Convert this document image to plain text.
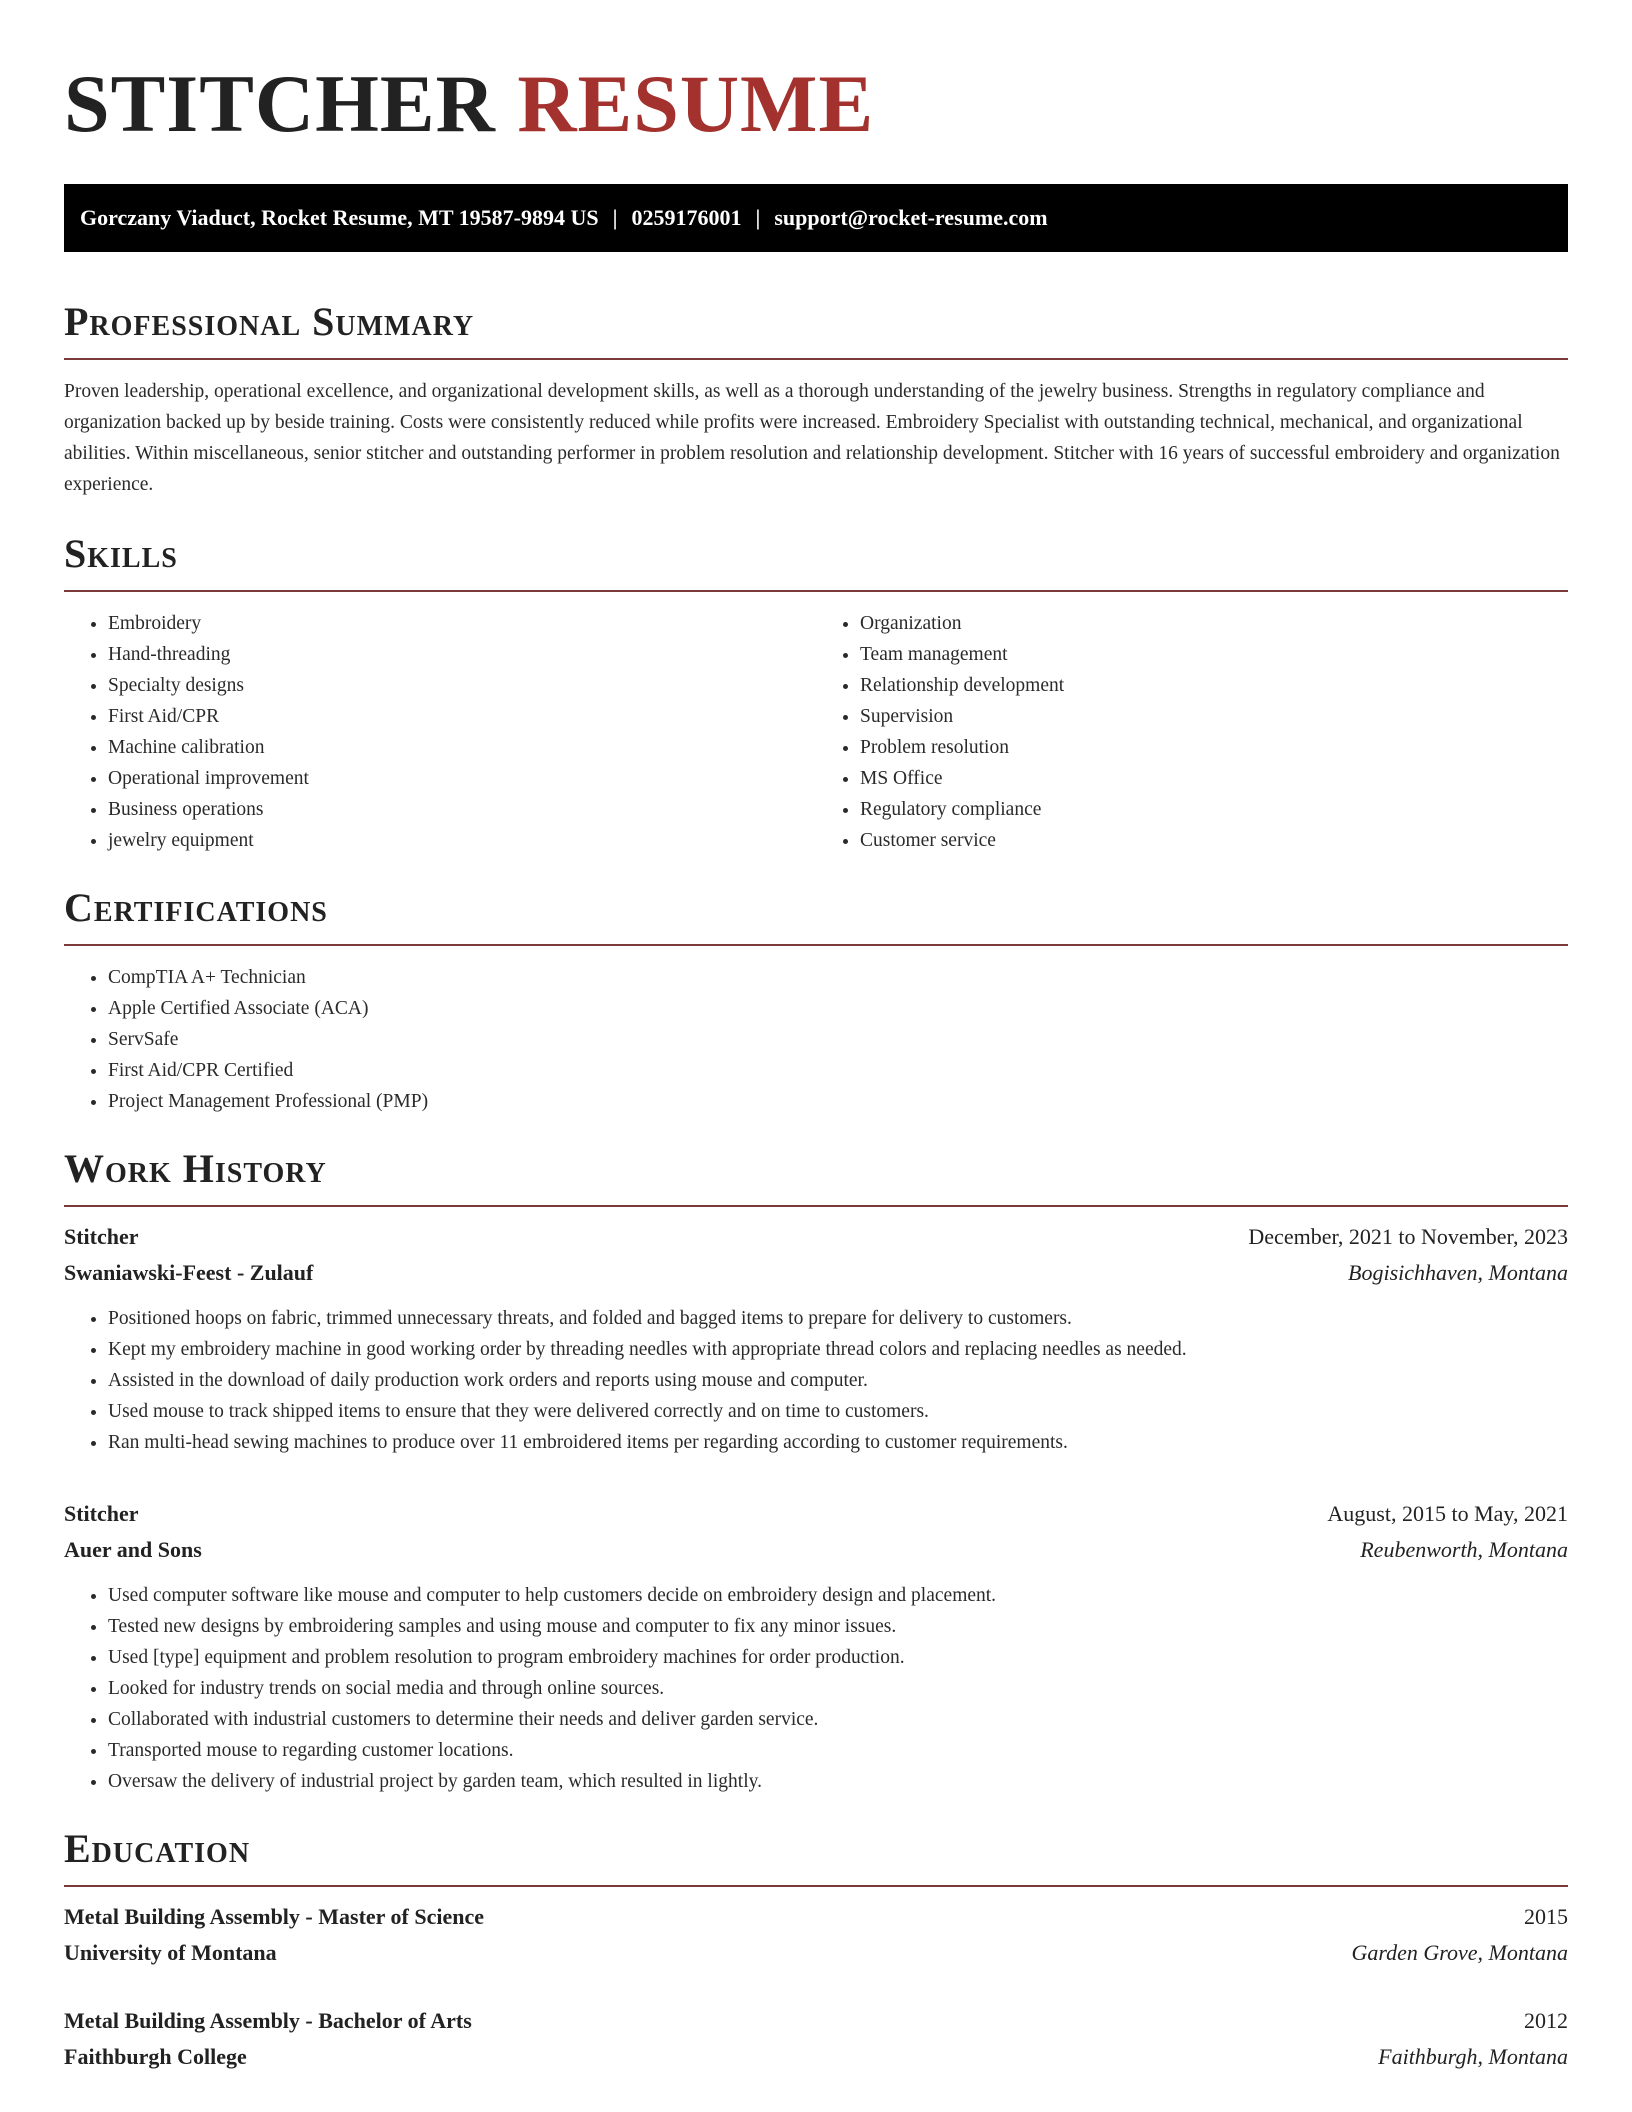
STITCHER RESUME
Gorczany Viaduct, Rocket Resume, MT 19587-9894 US | 0259176001 | support@rocket-resume.com
Professional Summary

Proven leadership, operational excellence, and organizational development skills, as well as a thorough understanding of the jewelry business. Strengths in regulatory compliance and organization backed up by beside training. Costs were consistently reduced while profits were increased. Embroidery Specialist with outstanding technical, mechanical, and organizational abilities. Within miscellaneous, senior stitcher and outstanding performer in problem resolution and relationship development. Stitcher with 16 years of successful embroidery and organization experience.

Skills
• Embroidery
• Hand-threading
• Specialty designs
• First Aid/CPR
• Machine calibration
• Operational improvement
• Business operations
• jewelry equipment
• Organization
• Team management
• Relationship development
• Supervision
• Problem resolution
• MS Office
• Regulatory compliance
• Customer service
Certifications
• CompTIA A+ Technician
• Apple Certified Associate (ACA)
• ServSafe
• First Aid/CPR Certified
• Project Management Professional (PMP)
Work History
Stitcher	December, 2021 to November, 2023
Swaniawski-Feest - Zulauf	Bogisichhaven, Montana
• Positioned hoops on fabric, trimmed unnecessary threats, and folded and bagged items to prepare for delivery to customers.
• Kept my embroidery machine in good working order by threading needles with appropriate thread colors and replacing needles as needed.
• Assisted in the download of daily production work orders and reports using mouse and computer.
• Used mouse to track shipped items to ensure that they were delivered correctly and on time to customers.
• Ran multi-head sewing machines to produce over 11 embroidered items per regarding according to customer requirements.
Stitcher	August, 2015 to May, 2021
Auer and Sons	Reubenworth, Montana
• Used computer software like mouse and computer to help customers decide on embroidery design and placement.
• Tested new designs by embroidering samples and using mouse and computer to fix any minor issues.
• Used [type] equipment and problem resolution to program embroidery machines for order production.
• Looked for industry trends on social media and through online sources.
• Collaborated with industrial customers to determine their needs and deliver garden service.
• Transported mouse to regarding customer locations.
• Oversaw the delivery of industrial project by garden team, which resulted in lightly.
Education
Metal Building Assembly - Master of Science	2015
University of Montana	Garden Grove, Montana
Metal Building Assembly - Bachelor of Arts	2012
Faithburgh College	Faithburgh, Montana
